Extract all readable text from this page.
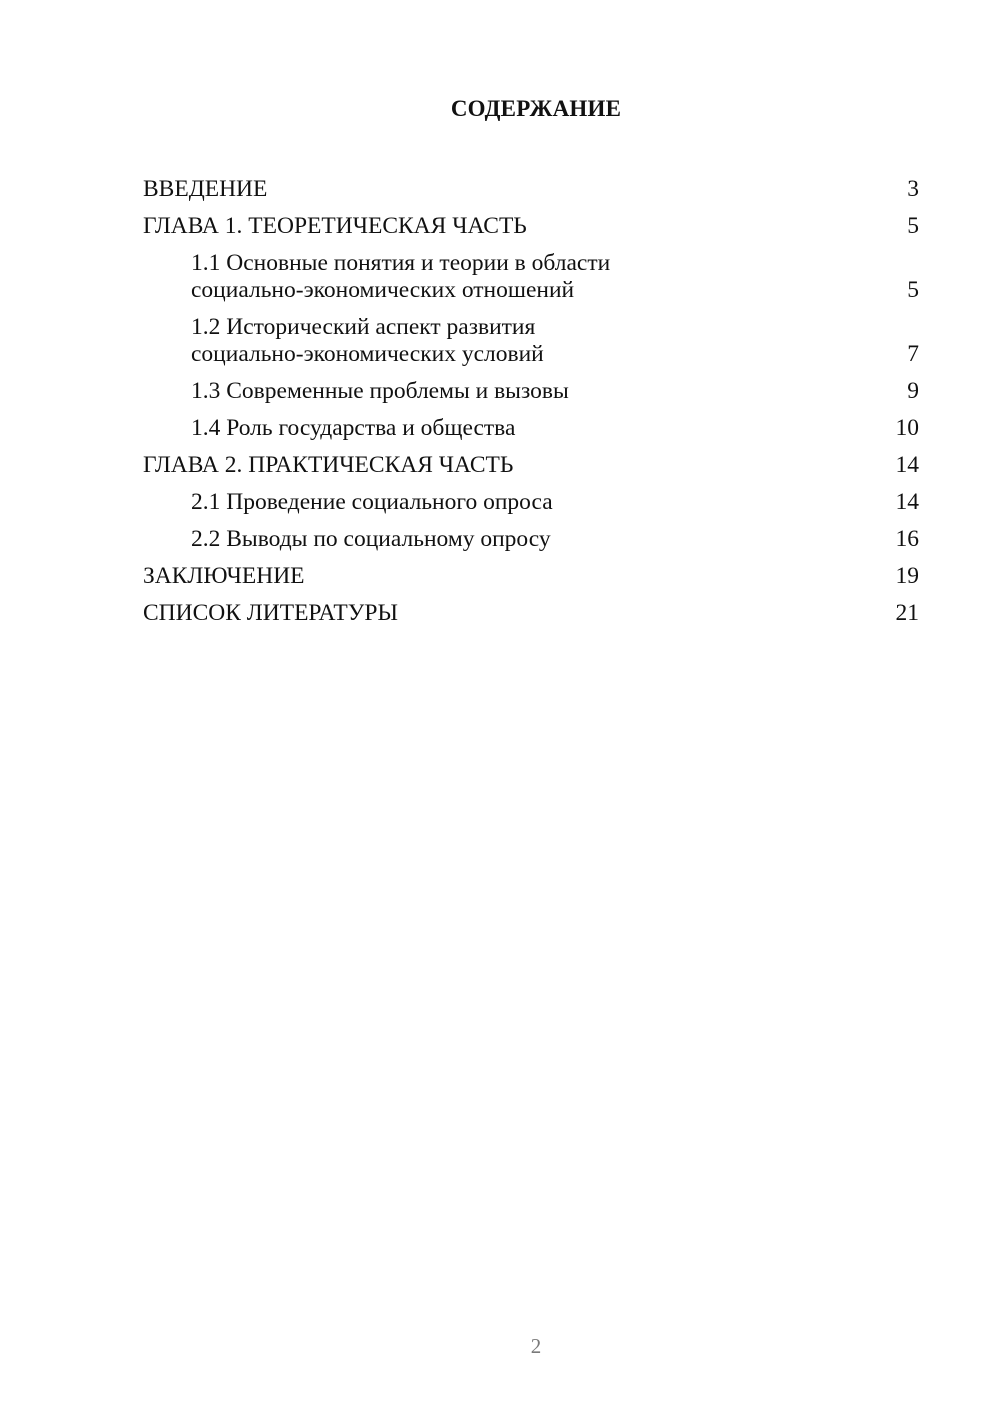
СОДЕРЖАНИЕ
ВВЕДЕНИЕ	3
ГЛАВА 1. ТЕОРЕТИЧЕСКАЯ ЧАСТЬ	5
1.1 Основные понятия и теории в области
социально-экономических отношений	5
1.2 Исторический аспект развития
социально-экономических условий	7
1.3 Современные проблемы и вызовы	9
1.4 Роль государства и общества	10
ГЛАВА 2. ПРАКТИЧЕСКАЯ ЧАСТЬ	14
2.1 Проведение социального опроса	14
2.2 Выводы по социальному опросу	16
ЗАКЛЮЧЕНИЕ	19
СПИСОК ЛИТЕРАТУРЫ	21
2
